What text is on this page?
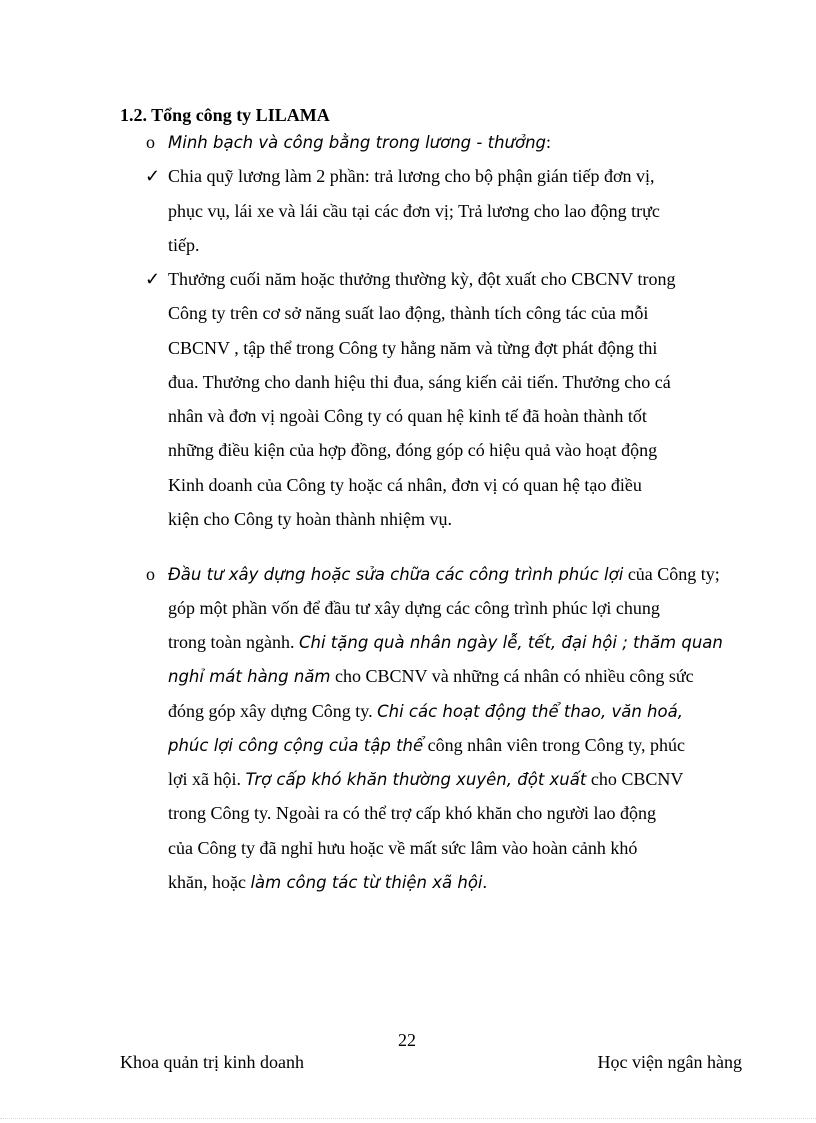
1.2. Tổng công ty LILAMA
o Minh bạch và công bằng trong lương - thưởng:
✓ Chia quỹ lương làm 2 phần: trả lương cho bộ phận gián tiếp đơn vị,
phục vụ, lái xe và lái cầu tại các đơn vị; Trả lương cho lao động trực
tiếp.
✓ Thưởng cuối năm hoặc thưởng thường kỳ, đột xuất cho CBCNV trong
Công ty trên cơ sở năng suất lao động, thành tích công tác của mỗi
CBCNV , tập thể trong Công ty hằng năm và từng đợt phát động thi
đua. Thưởng cho danh hiệu thi đua, sáng kiến cải tiến. Thưởng cho cá
nhân và đơn vị ngoài Công ty có quan hệ kinh tế đã hoàn thành tốt
những điều kiện của hợp đồng, đóng góp có hiệu quả vào hoạt động
Kinh doanh của Công ty hoặc cá nhân, đơn vị có quan hệ tạo điều
kiện cho Công ty hoàn thành nhiệm vụ.
o Đầu tư xây dựng hoặc sửa chữa các công trình phúc lợi của Công ty;
góp một phần vốn để đầu tư xây dựng các công trình phúc lợi chung
trong toàn ngành. Chi tặng quà nhân ngày lễ, tết, đại hội ; thăm quan
nghỉ mát hàng năm cho CBCNV và những cá nhân có nhiều công sức
đóng góp xây dựng Công ty. Chi các hoạt động thể thao, văn hoá,
phúc lợi công cộng của tập thể công nhân viên trong Công ty, phúc
lợi xã hội. Trợ cấp khó khăn thường xuyên, đột xuất cho CBCNV
trong Công ty. Ngoài ra có thể trợ cấp khó khăn cho người lao động
của Công ty đã nghỉ hưu hoặc về mất sức lâm vào hoàn cảnh khó
khăn, hoặc làm công tác từ thiện xã hội.
22
Khoa quản trị kinh doanh	Học viện ngân hàng
